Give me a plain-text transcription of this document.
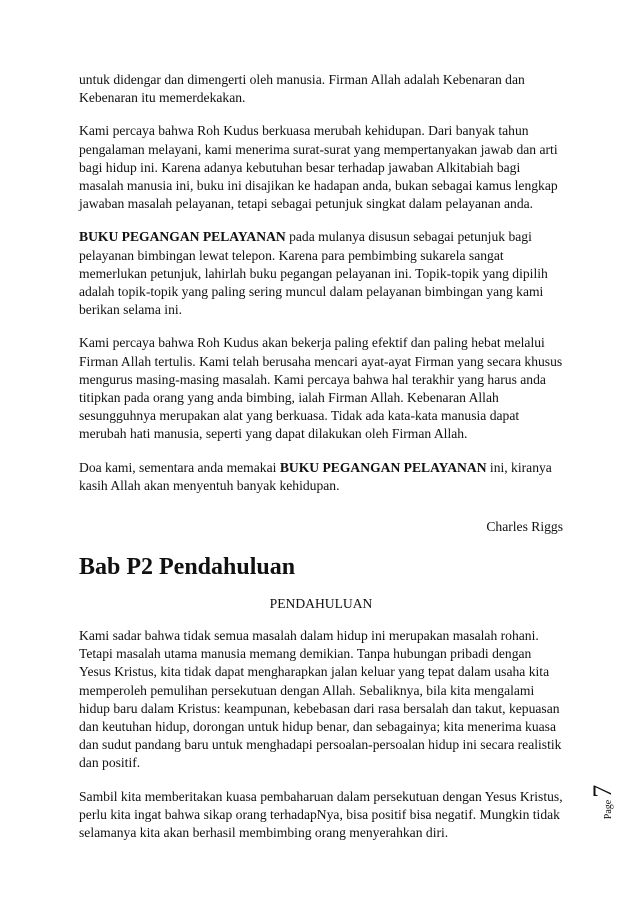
untuk didengar dan dimengerti oleh manusia. Firman Allah adalah Kebenaran dan Kebenaran itu memerdekakan.

Kami percaya bahwa Roh Kudus berkuasa merubah kehidupan. Dari banyak tahun pengalaman melayani, kami menerima surat-surat yang mempertanyakan jawab dan arti bagi hidup ini. Karena adanya kebutuhan besar terhadap jawaban Alkitabiah bagi masalah manusia ini, buku ini disajikan ke hadapan anda, bukan sebagai kamus lengkap jawaban masalah pelayanan, tetapi sebagai petunjuk singkat dalam pelayanan anda.

BUKU PEGANGAN PELAYANAN pada mulanya disusun sebagai petunjuk bagi pelayanan bimbingan lewat telepon. Karena para pembimbing sukarela sangat memerlukan petunjuk, lahirlah buku pegangan pelayanan ini. Topik-topik yang dipilih adalah topik-topik yang paling sering muncul dalam pelayanan bimbingan yang kami berikan selama ini.

Kami percaya bahwa Roh Kudus akan bekerja paling efektif dan paling hebat melalui Firman Allah tertulis. Kami telah berusaha mencari ayat-ayat Firman yang secara khusus mengurus masing-masing masalah. Kami percaya bahwa hal terakhir yang harus anda titipkan pada orang yang anda bimbing, ialah Firman Allah. Kebenaran Allah sesungguhnya merupakan alat yang berkuasa. Tidak ada kata-kata manusia dapat merubah hati manusia, seperti yang dapat dilakukan oleh Firman Allah.

Doa kami, sementara anda memakai BUKU PEGANGAN PELAYANAN ini, kiranya kasih Allah akan menyentuh banyak kehidupan.

Charles Riggs

Bab P2 Pendahuluan
PENDAHULUAN

Kami sadar bahwa tidak semua masalah dalam hidup ini merupakan masalah rohani. Tetapi masalah utama manusia memang demikian. Tanpa hubungan pribadi dengan Yesus Kristus, kita tidak dapat mengharapkan jalan keluar yang tepat dalam usaha kita memperoleh pemulihan persekutuan dengan Allah. Sebaliknya, bila kita mengalami hidup baru dalam Kristus: keampunan, kebebasan dari rasa bersalah dan takut, kepuasan dan keutuhan hidup, dorongan untuk hidup benar, dan sebagainya; kita menerima kuasa dan sudut pandang baru untuk menghadapi persoalan-persoalan hidup ini secara realistik dan positif.

Sambil kita memberitakan kuasa pembaharuan dalam persekutuan dengan Yesus Kristus, perlu kita ingat bahwa sikap orang terhadapNya, bisa positif bisa negatif. Mungkin tidak selamanya kita akan berhasil membimbing orang menyerahkan diri.

Page
7
